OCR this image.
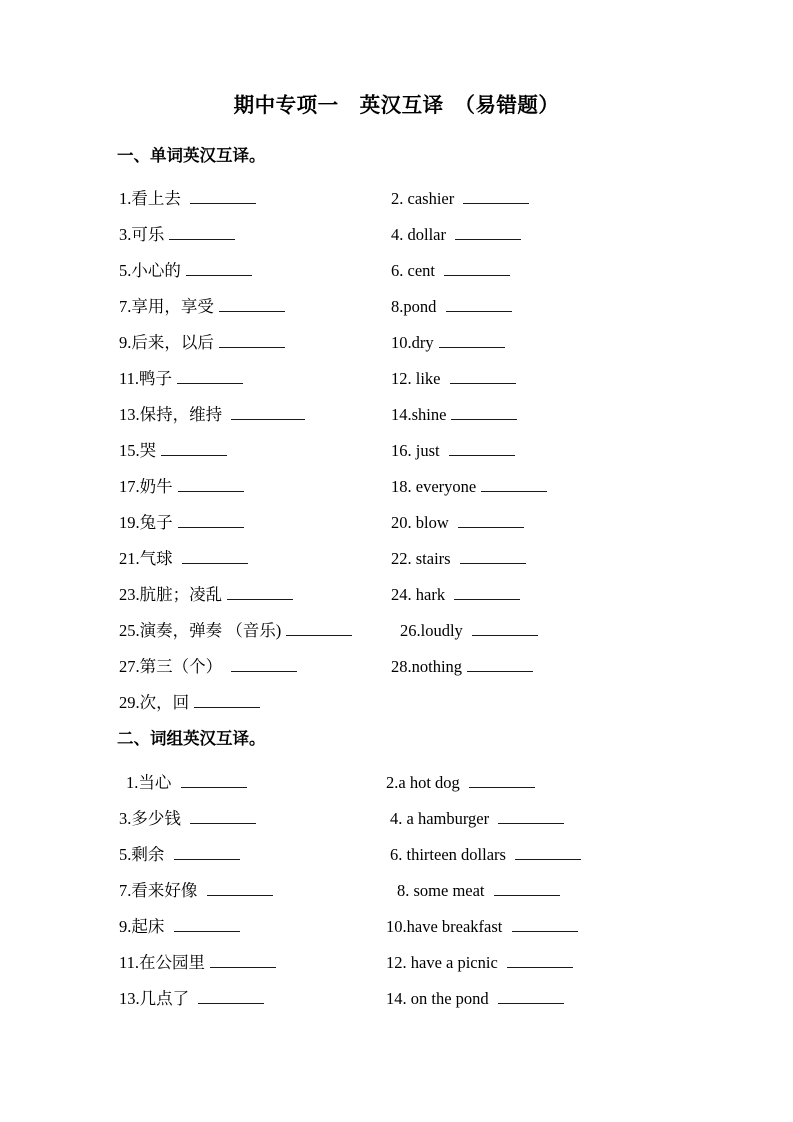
期中专项一　英汉互译　（易错题）
一、单词英汉互译。
1. 看上去	2. cashier
3. 可乐	4. dollar
5. 小心的	6. cent
7. 享用，享受	8. pond
9. 后来，以后	10. dry
11. 鸭子	12. like
13. 保持，维持	14. shine
15. 哭	16. just
17. 奶牛	18. everyone
19. 兔子	20. blow
21. 气球	22. stairs
23. 肮脏；凌乱	24. hark
25. 演奏，弹奏 （音乐)	26. loudly
27. 第三（个）	28. nothing
29. 次，回
二、词组英汉互译。
1. 当心	2. a hot dog
3. 多少钱	4. a hamburger
5. 剩余	6. thirteen dollars
7. 看来好像	8. some meat
9. 起床	10. have breakfast
11. 在公园里	12. have a picnic
13. 几点了	14. on the pond
